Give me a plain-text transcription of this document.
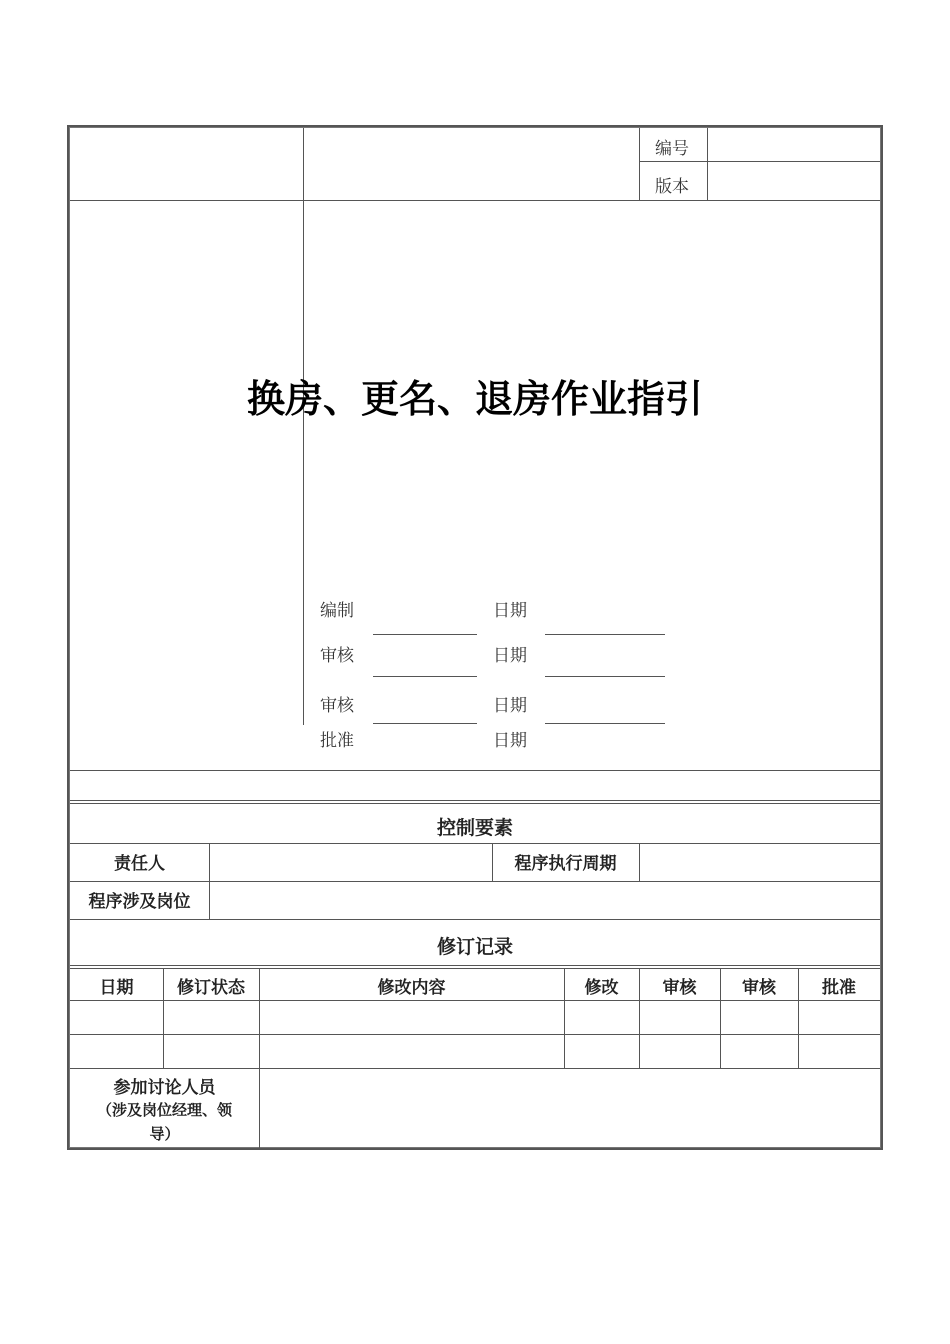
编号
版本
换房、更名、退房作业指引
编制	日期
审核	日期
审核	日期
批准	日期
控制要素
责任人	程序执行周期
程序涉及岗位
修订记录
日期	修订状态	修改内容	修改	审核	审核	批准
参加讨论人员
（涉及岗位经理、领
导）
